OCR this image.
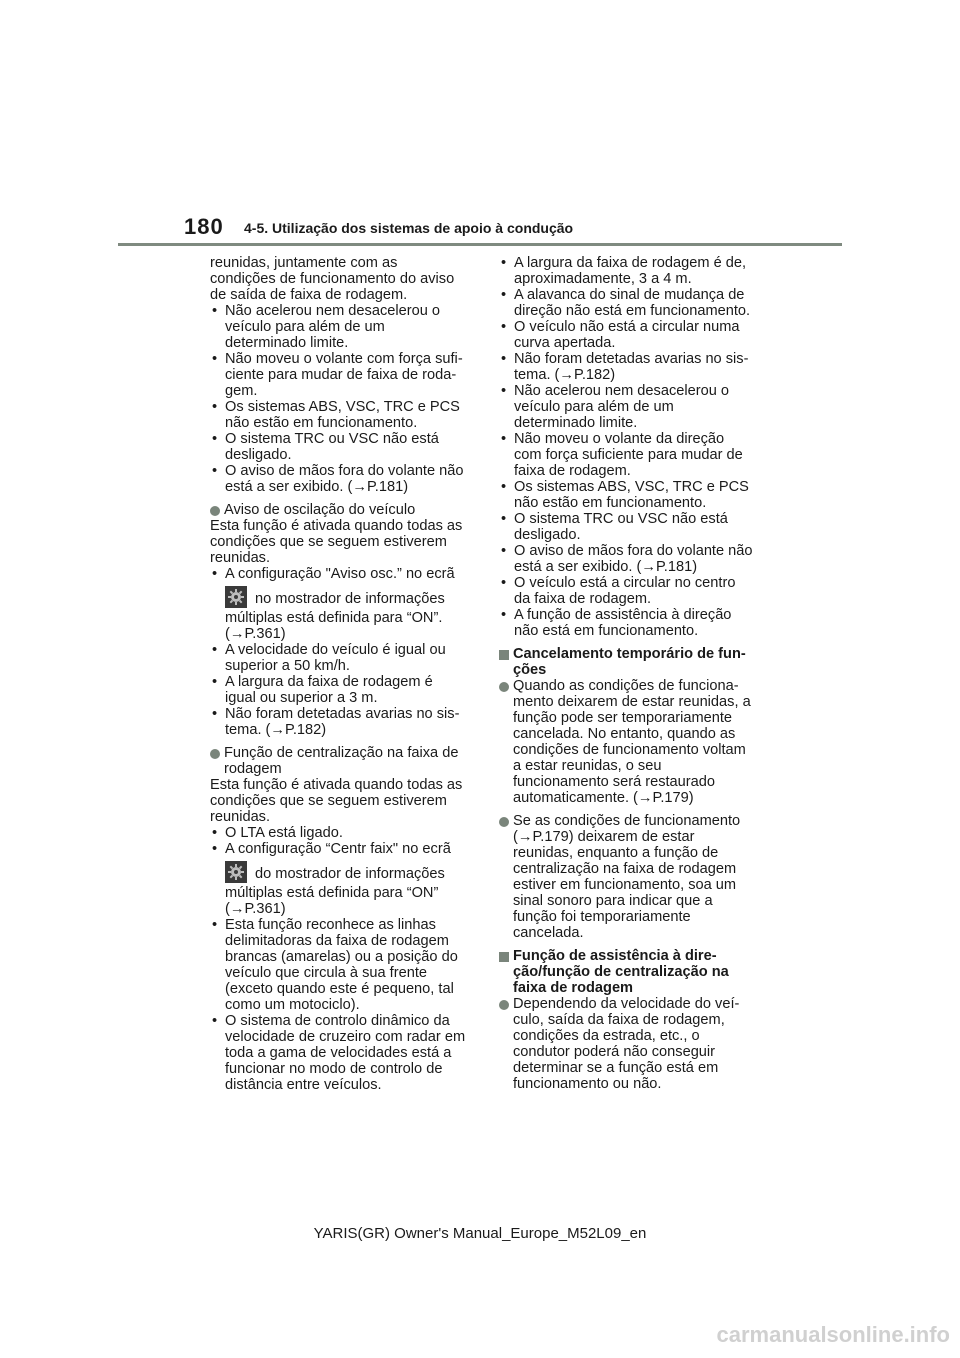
180 4-5. Utilização dos sistemas de apoio à condução

reunidas, juntamente com as condições de funcionamento do aviso de saída de faixa de rodagem.

• Não acelerou nem desacelerou o veículo para além de um determinado limite.

• Não moveu o volante com força suficiente para mudar de faixa de rodagem.

• Os sistemas ABS, VSC, TRC e PCS não estão em funcionamento.

• O sistema TRC ou VSC não está desligado.

• O aviso de mãos fora do volante não está a ser exibido. (→P.181)

Aviso de oscilação do veículo

Esta função é ativada quando todas as condições que se seguem estiverem reunidas.

• A configuração "Aviso osc.” no ecrã

no mostrador de informações múltiplas está definida para “ON”. (→P.361)

• A velocidade do veículo é igual ou superior a 50 km/h.

• A largura da faixa de rodagem é igual ou superior a 3 m.

• Não foram detetadas avarias no sistema. (→P.182)

Função de centralização na faixa de rodagem

Esta função é ativada quando todas as condições que se seguem estiverem reunidas.

• O LTA está ligado.

• A configuração “Centr faix" no ecrã

do mostrador de informações múltiplas está definida para “ON” (→P.361)

• Esta função reconhece as linhas delimitadoras da faixa de rodagem brancas (amarelas) ou a posição do veículo que circula à sua frente (exceto quando este é pequeno, tal como um motociclo).

• O sistema de controlo dinâmico da velocidade de cruzeiro com radar em toda a gama de velocidades está a funcionar no modo de controlo de distância entre veículos.

• A largura da faixa de rodagem é de, aproximadamente, 3 a 4 m.

• A alavanca do sinal de mudança de direção não está em funcionamento.

• O veículo não está a circular numa curva apertada.

• Não foram detetadas avarias no sistema. (→P.182)

• Não acelerou nem desacelerou o veículo para além de um determinado limite.

• Não moveu o volante da direção com força suficiente para mudar de faixa de rodagem.

• Os sistemas ABS, VSC, TRC e PCS não estão em funcionamento.

• O sistema TRC ou VSC não está desligado.

• O aviso de mãos fora do volante não está a ser exibido. (→P.181)

• O veículo está a circular no centro da faixa de rodagem.

• A função de assistência à direção não está em funcionamento.

Cancelamento temporário de funções

Quando as condições de funcionamento deixarem de estar reunidas, a função pode ser temporariamente cancelada. No entanto, quando as condições de funcionamento voltam a estar reunidas, o seu funcionamento será restaurado automaticamente. (→P.179)

Se as condições de funcionamento (→P.179) deixarem de estar reunidas, enquanto a função de centralização na faixa de rodagem estiver em funcionamento, soa um sinal sonoro para indicar que a função foi temporariamente cancelada.

Função de assistência à direção/função de centralização na faixa de rodagem

Dependendo da velocidade do veículo, saída da faixa de rodagem, condições da estrada, etc., o condutor poderá não conseguir determinar se a função está em funcionamento ou não.

YARIS(GR) Owner's Manual_Europe_M52L09_en
carmanualsonline.info
